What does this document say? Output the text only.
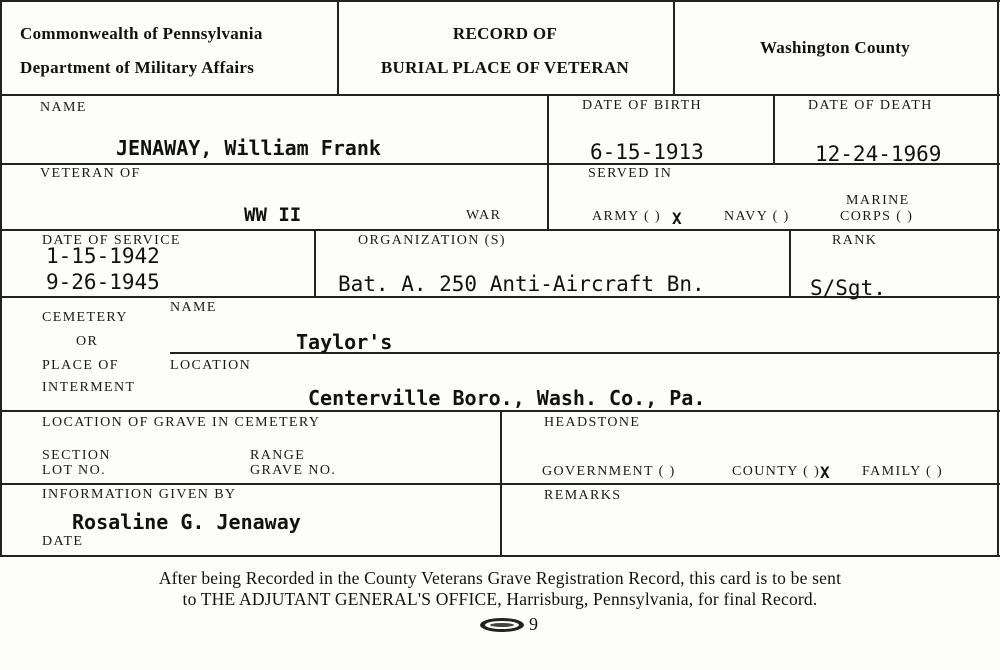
Commonwealth of Pennsylvania
Department of Military Affairs
RECORD OF
BURIAL PLACE OF VETERAN
Washington County
NAME
JENAWAY, William Frank
DATE OF BIRTH
6-15-1913
DATE OF DEATH
12-24-1969
VETERAN OF
WW II	WAR
SERVED IN
ARMY ( ) X	NAVY ( )
MARINE
CORPS ( )
DATE OF SERVICE
1-15-1942
9-26-1945
ORGANIZATION (S)
Bat. A. 250 Anti-Aircraft Bn.
RANK
S/Sgt.
CEMETERY
OR
PLACE OF
INTERMENT
NAME
Taylor's
LOCATION
Centerville Boro., Wash. Co., Pa.
LOCATION OF GRAVE IN CEMETERY
SECTION
LOT NO.
RANGE
GRAVE NO.
HEADSTONE
GOVERNMENT ( )	COUNTY ( ) X FAMILY ( )
INFORMATION GIVEN BY
Rosaline G. Jenaway
DATE
REMARKS
After being Recorded in the County Veterans Grave Registration Record, this card is to be sent
to THE ADJUTANT GENERAL'S OFFICE, Harrisburg, Pennsylvania, for final Record.
9
